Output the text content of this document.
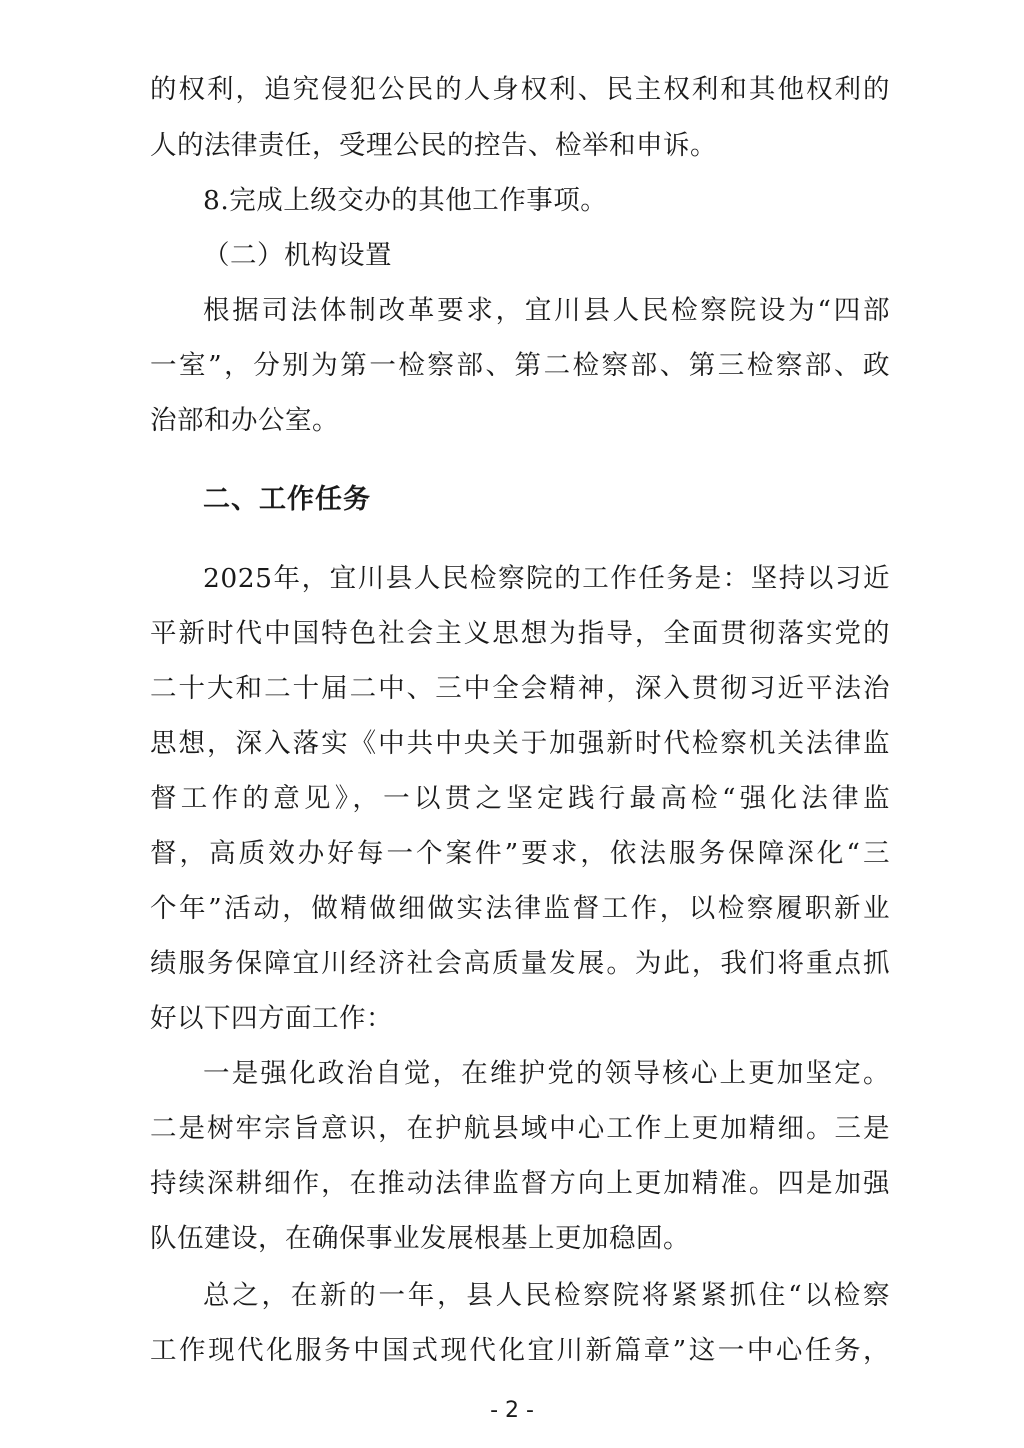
的权利，追究侵犯公民的人身权利、民主权利和其他权利的
人的法律责任，受理公民的控告、检举和申诉。
8.完成上级交办的其他工作事项。
（二）机构设置
根据司法体制改革要求，宜川县人民检察院设为“四部
一室”，分别为第一检察部、第二检察部、第三检察部、政
治部和办公室。
二、工作任务
2025年，宜川县人民检察院的工作任务是：坚持以习近
平新时代中国特色社会主义思想为指导，全面贯彻落实党的
二十大和二十届二中、三中全会精神，深入贯彻习近平法治
思想，深入落实《中共中央关于加强新时代检察机关法律监
督工作的意见》，一以贯之坚定践行最高检“强化法律监
督，高质效办好每一个案件”要求，依法服务保障深化“三
个年”活动，做精做细做实法律监督工作，以检察履职新业
绩服务保障宜川经济社会高质量发展。为此，我们将重点抓
好以下四方面工作：
一是强化政治自觉，在维护党的领导核心上更加坚定。
二是树牢宗旨意识，在护航县域中心工作上更加精细。三是
持续深耕细作，在推动法律监督方向上更加精准。四是加强
队伍建设，在确保事业发展根基上更加稳固。
总之，在新的一年，县人民检察院将紧紧抓住“以检察
工作现代化服务中国式现代化宜川新篇章”这一中心任务，
- 2 -
